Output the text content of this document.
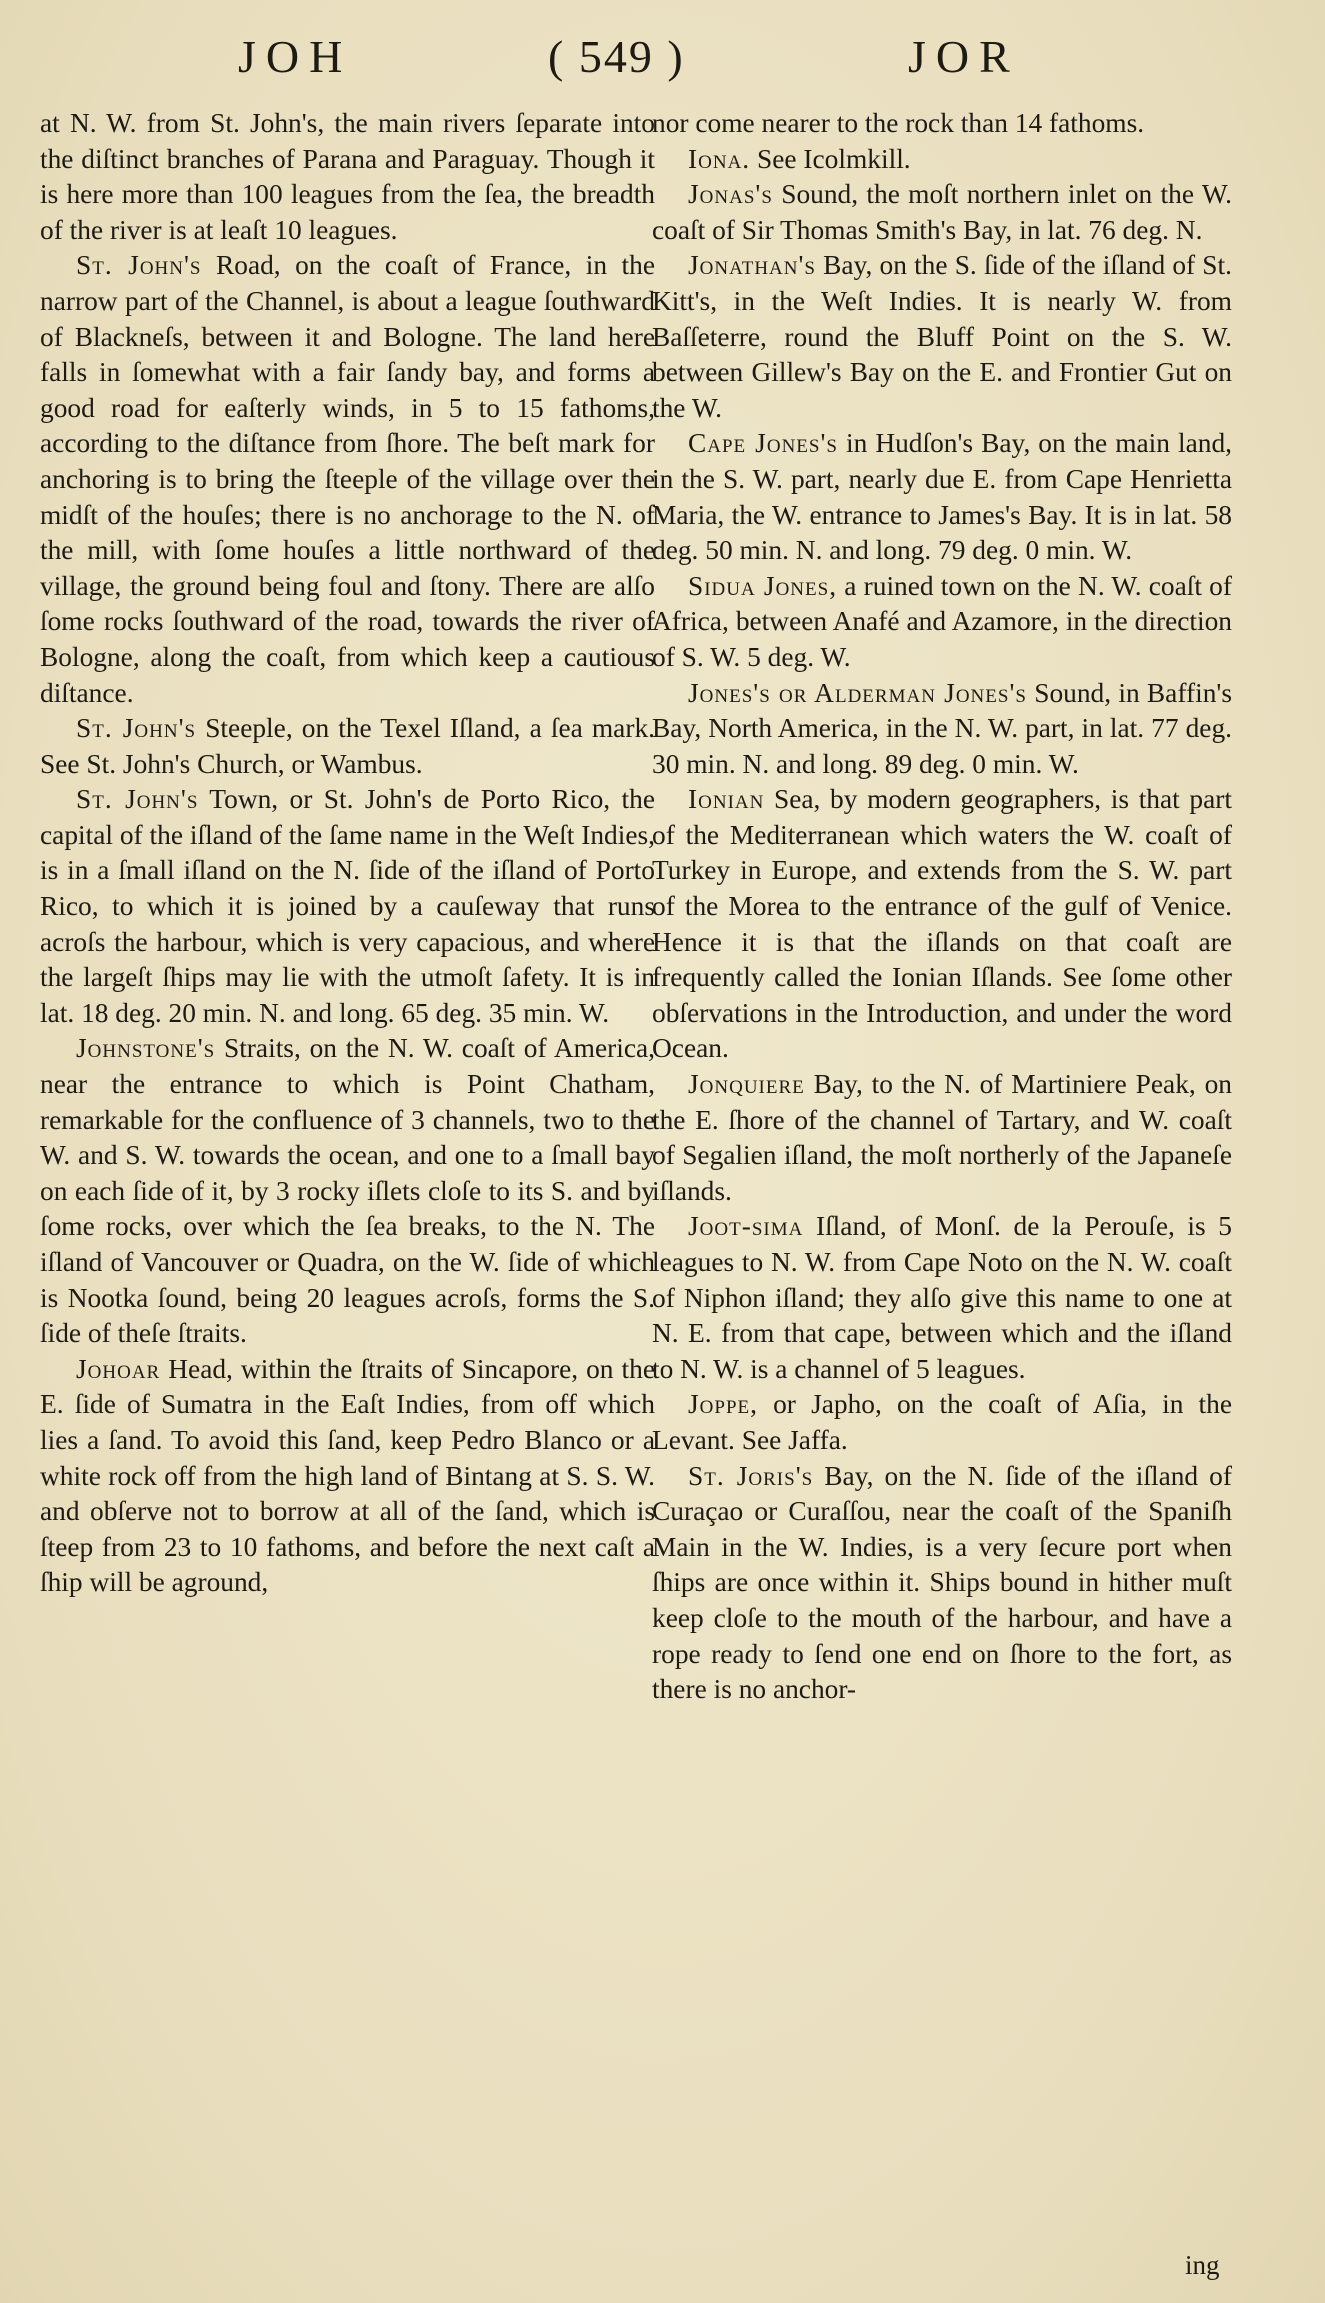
JOH	( 549 )	JOR

at N. W. from St. John's, the main rivers ſeparate into the diſtinct branches of Parana and Paraguay. Though it is here more than 100 leagues from the ſea, the breadth of the river is at leaſt 10 leagues.

St. John's Road, on the coaſt of France, in the narrow part of the Channel, is about a league ſouthward of Blackneſs, between it and Bologne. The land here falls in ſomewhat with a fair ſandy bay, and forms a good road for eaſterly winds, in 5 to 15 fathoms, according to the diſtance from ſhore. The beſt mark for anchoring is to bring the ſteeple of the village over the midſt of the houſes; there is no anchorage to the N. of the mill, with ſome houſes a little northward of the village, the ground being foul and ſtony. There are alſo ſome rocks ſouthward of the road, towards the river of Bologne, along the coaſt, from which keep a cautious diſtance.

St. John's Steeple, on the Texel Iſland, a ſea mark. See St. John's Church, or Wambus.

St. John's Town, or St. John's de Porto Rico, the capital of the iſland of the ſame name in the Weſt Indies, is in a ſmall iſland on the N. ſide of the iſland of Porto Rico, to which it is joined by a cauſeway that runs acroſs the harbour, which is very capacious, and where the largeſt ſhips may lie with the utmoſt ſafety. It is in lat. 18 deg. 20 min. N. and long. 65 deg. 35 min. W.

Johnstone's Straits, on the N. W. coaſt of America, near the entrance to which is Point Chatham, remarkable for the confluence of 3 channels, two to the W. and S. W. towards the ocean, and one to a ſmall bay on each ſide of it, by 3 rocky iſlets cloſe to its S. and by ſome rocks, over which the ſea breaks, to the N. The iſland of Vancouver or Quadra, on the W. ſide of which is Nootka ſound, being 20 leagues acroſs, forms the S. ſide of theſe ſtraits.

Johoar Head, within the ſtraits of Sincapore, on the E. ſide of Sumatra in the Eaſt Indies, from off which lies a ſand. To avoid this ſand, keep Pedro Blanco or a white rock off from the high land of Bintang at S. S. W. and obſerve not to borrow at all of the ſand, which is ſteep from 23 to 10 fathoms, and before the next caſt a ſhip will be aground,

nor come nearer to the rock than 14 fathoms.

Iona. See Icolmkill.

Jonas's Sound, the moſt northern inlet on the W. coaſt of Sir Thomas Smith's Bay, in lat. 76 deg. N.

Jonathan's Bay, on the S. ſide of the iſland of St. Kitt's, in the Weſt Indies. It is nearly W. from Baſſeterre, round the Bluff Point on the S. W. between Gillew's Bay on the E. and Frontier Gut on the W.

Cape Jones's in Hudſon's Bay, on the main land, in the S. W. part, nearly due E. from Cape Henrietta Maria, the W. entrance to James's Bay. It is in lat. 58 deg. 50 min. N. and long. 79 deg. 0 min. W.

Sidua Jones, a ruined town on the N. W. coaſt of Africa, between Anafé and Azamore, in the direction of S. W. 5 deg. W.

Jones's or Alderman Jones's Sound, in Baffin's Bay, North America, in the N. W. part, in lat. 77 deg. 30 min. N. and long. 89 deg. 0 min. W.

Ionian Sea, by modern geographers, is that part of the Mediterranean which waters the W. coaſt of Turkey in Europe, and extends from the S. W. part of the Morea to the entrance of the gulf of Venice. Hence it is that the iſlands on that coaſt are frequently called the Ionian Iſlands. See ſome other obſervations in the Introduction, and under the word Ocean.

Jonquiere Bay, to the N. of Martiniere Peak, on the E. ſhore of the channel of Tartary, and W. coaſt of Segalien iſland, the moſt northerly of the Japaneſe iſlands.

Joot-sima Iſland, of Monſ. de la Perouſe, is 5 leagues to N. W. from Cape Noto on the N. W. coaſt of Niphon iſland; they alſo give this name to one at N. E. from that cape, between which and the iſland to N. W. is a channel of 5 leagues.

Joppe, or Japho, on the coaſt of Aſia, in the Levant. See Jaffa.

St. Joris's Bay, on the N. ſide of the iſland of Curaçao or Curaſſou, near the coaſt of the Spaniſh Main in the W. Indies, is a very ſecure port when ſhips are once within it. Ships bound in hither muſt keep cloſe to the mouth of the harbour, and have a rope ready to ſend one end on ſhore to the fort, as there is no anchor-

ing
